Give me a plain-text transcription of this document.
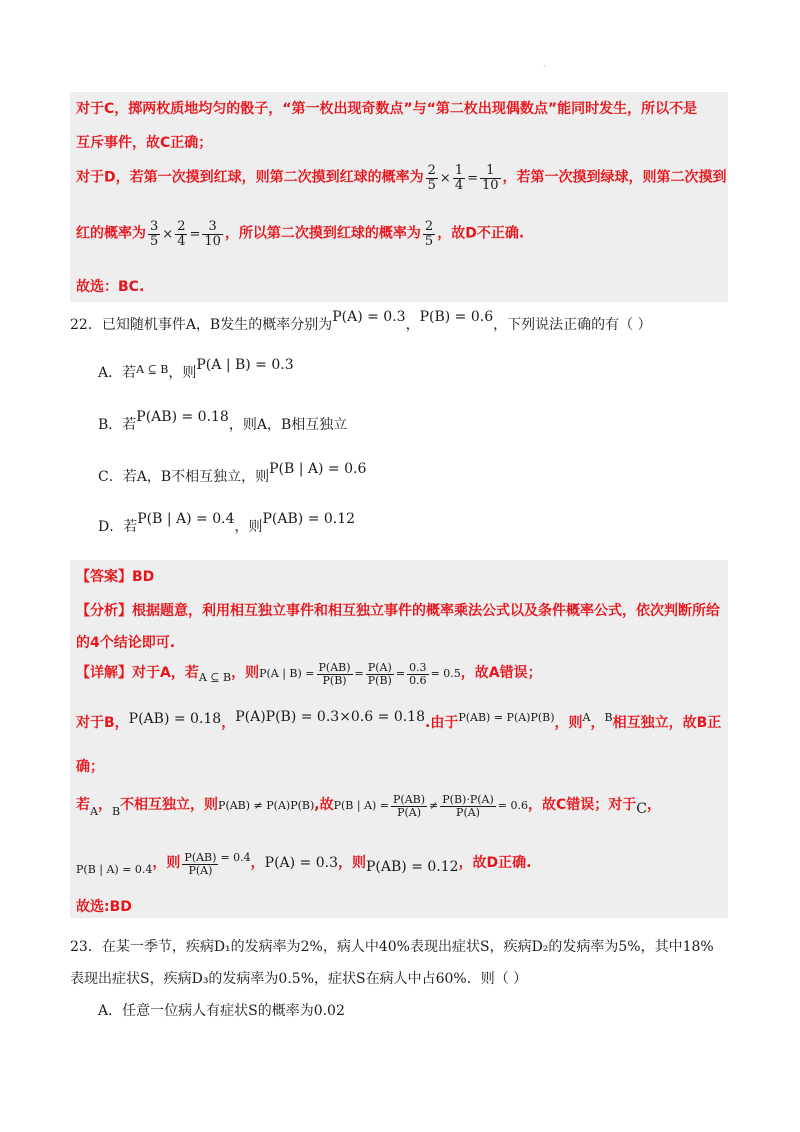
·
对于C，掷两枚质地均匀的骰子，“第一枚出现奇数点”与“第二枚出现偶数点”能同时发生，所以不是
互斥事件，故C正确；
对于D，若第一次摸到红球，则第二次摸到红球的概率为 $\frac{2}{5} \times \frac{1}{4} = \frac{1}{10}$ ，若第一次摸到绿球，则第二次摸到
红的概率为 $\frac{3}{5} \times \frac{2}{4} = \frac{3}{10}$ ，所以第二次摸到红球的概率为 $\frac{2}{5}$ ，故D不正确.
故选：BC.
22．已知随机事件A，B发生的概率分别为P(A) = 0.3，P(B) = 0.6，下列说法正确的有（ ）
A．若$^{A ⊆ B}$，则P(A | B) = 0.3
B．若P(AB) = 0.18，则A，B相互独立
C．若A，B不相互独立，则P(B | A) = 0.6
D．若P(B | A) = 0.4，则P(AB) = 0.12
【答案】BD
【分析】根据题意，利用相互独立事件和相互独立事件的概率乘法公式以及条件概率公式，依次判断所给
的4个结论即可.
【详解】对于A，若$_{A ⊆ B}$，则P(A | $B) = \frac{P(AB)}{P(B)} = \frac{P(A)}{P(B)} = \frac{0.3}{0.6} = 0.5$，故A错误；
对于B，P(AB) = 0.18，P(A)P(B) = 0.3×0.6 = 0.18.由于$^{P(AB) = P(A)P(B)}$，则$^A$，$^B$相互独立，故B正
确；
若$_A$，$_B$不相互独立，则P(AB) ≠ P(A)P(B),故P(B | $A) = \frac{P(AB)}{P(A)} \ne \frac{P(B)\cdot P(A)}{P(A)} = 0.6$，故C错误；对于C，
$_{P(B | A) = 0.4}$，则 $\frac{P(AB)}{P(A)} = 0.4$，P(A) = 0.3，则P(AB) = 0.12，故D正确.
故选:BD
23．在某一季节，疾病D₁的发病率为2%，病人中40%表现出症状S，疾病D₂的发病率为5%，其中18%
表现出症状S，疾病D₃的发病率为0.5%，症状S在病人中占60%．则（ ）
A．任意一位病人有症状S的概率为0.02
